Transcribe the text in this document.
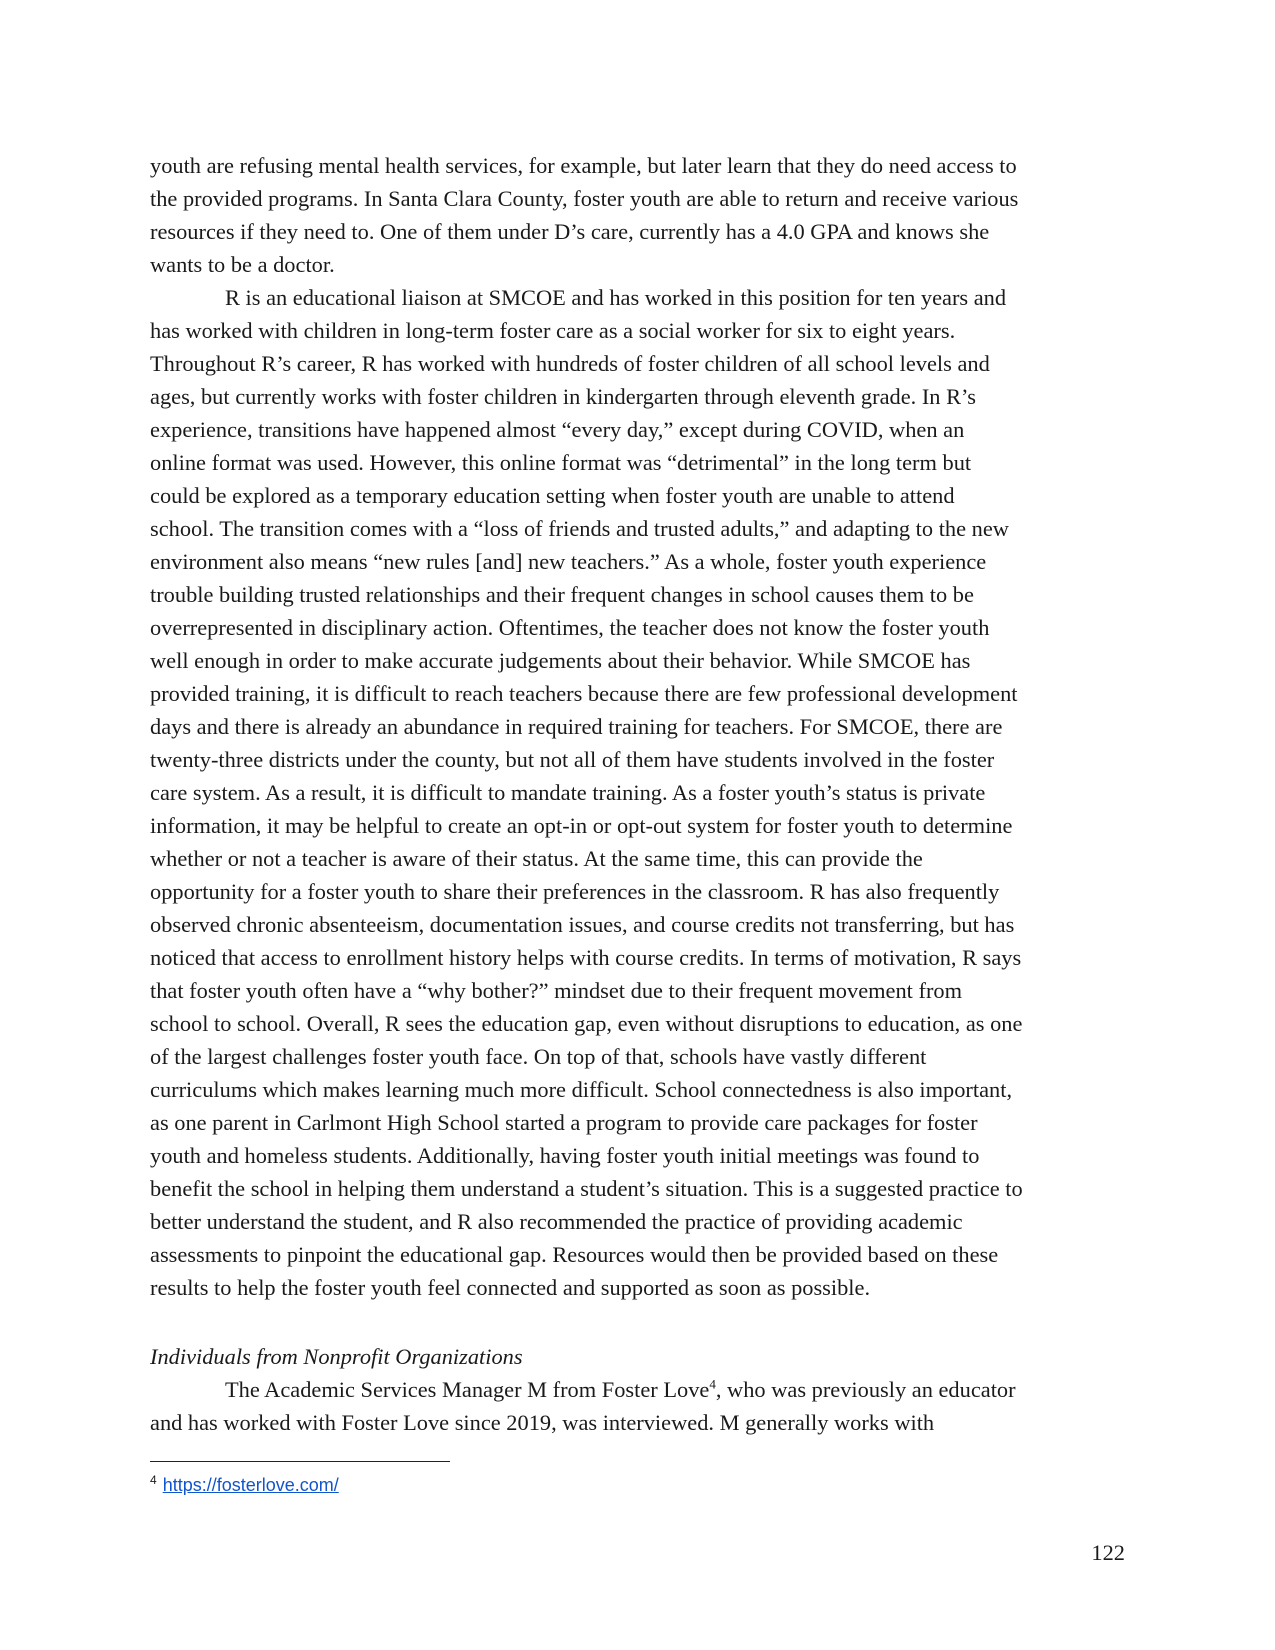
youth are refusing mental health services, for example, but later learn that they do need access to
the provided programs. In Santa Clara County, foster youth are able to return and receive various
resources if they need to. One of them under D’s care, currently has a 4.0 GPA and knows she
wants to be a doctor.
R is an educational liaison at SMCOE and has worked in this position for ten years and
has worked with children in long-term foster care as a social worker for six to eight years.
Throughout R’s career, R has worked with hundreds of foster children of all school levels and
ages, but currently works with foster children in kindergarten through eleventh grade. In R’s
experience, transitions have happened almost “every day,” except during COVID, when an
online format was used. However, this online format was “detrimental” in the long term but
could be explored as a temporary education setting when foster youth are unable to attend
school. The transition comes with a “loss of friends and trusted adults,” and adapting to the new
environment also means “new rules [and] new teachers.” As a whole, foster youth experience
trouble building trusted relationships and their frequent changes in school causes them to be
overrepresented in disciplinary action. Oftentimes, the teacher does not know the foster youth
well enough in order to make accurate judgements about their behavior. While SMCOE has
provided training, it is difficult to reach teachers because there are few professional development
days and there is already an abundance in required training for teachers. For SMCOE, there are
twenty-three districts under the county, but not all of them have students involved in the foster
care system. As a result, it is difficult to mandate training. As a foster youth’s status is private
information, it may be helpful to create an opt-in or opt-out system for foster youth to determine
whether or not a teacher is aware of their status. At the same time, this can provide the
opportunity for a foster youth to share their preferences in the classroom. R has also frequently
observed chronic absenteeism, documentation issues, and course credits not transferring, but has
noticed that access to enrollment history helps with course credits. In terms of motivation, R says
that foster youth often have a “why bother?” mindset due to their frequent movement from
school to school. Overall, R sees the education gap, even without disruptions to education, as one
of the largest challenges foster youth face. On top of that, schools have vastly different
curriculums which makes learning much more difficult. School connectedness is also important,
as one parent in Carlmont High School started a program to provide care packages for foster
youth and homeless students. Additionally, having foster youth initial meetings was found to
benefit the school in helping them understand a student’s situation. This is a suggested practice to
better understand the student, and R also recommended the practice of providing academic
assessments to pinpoint the educational gap. Resources would then be provided based on these
results to help the foster youth feel connected and supported as soon as possible.
Individuals from Nonprofit Organizations
The Academic Services Manager M from Foster Love$^4$, who was previously an educator
and has worked with Foster Love since 2019, was interviewed. M generally works with
$^4$ https://fosterlove.com/
122
